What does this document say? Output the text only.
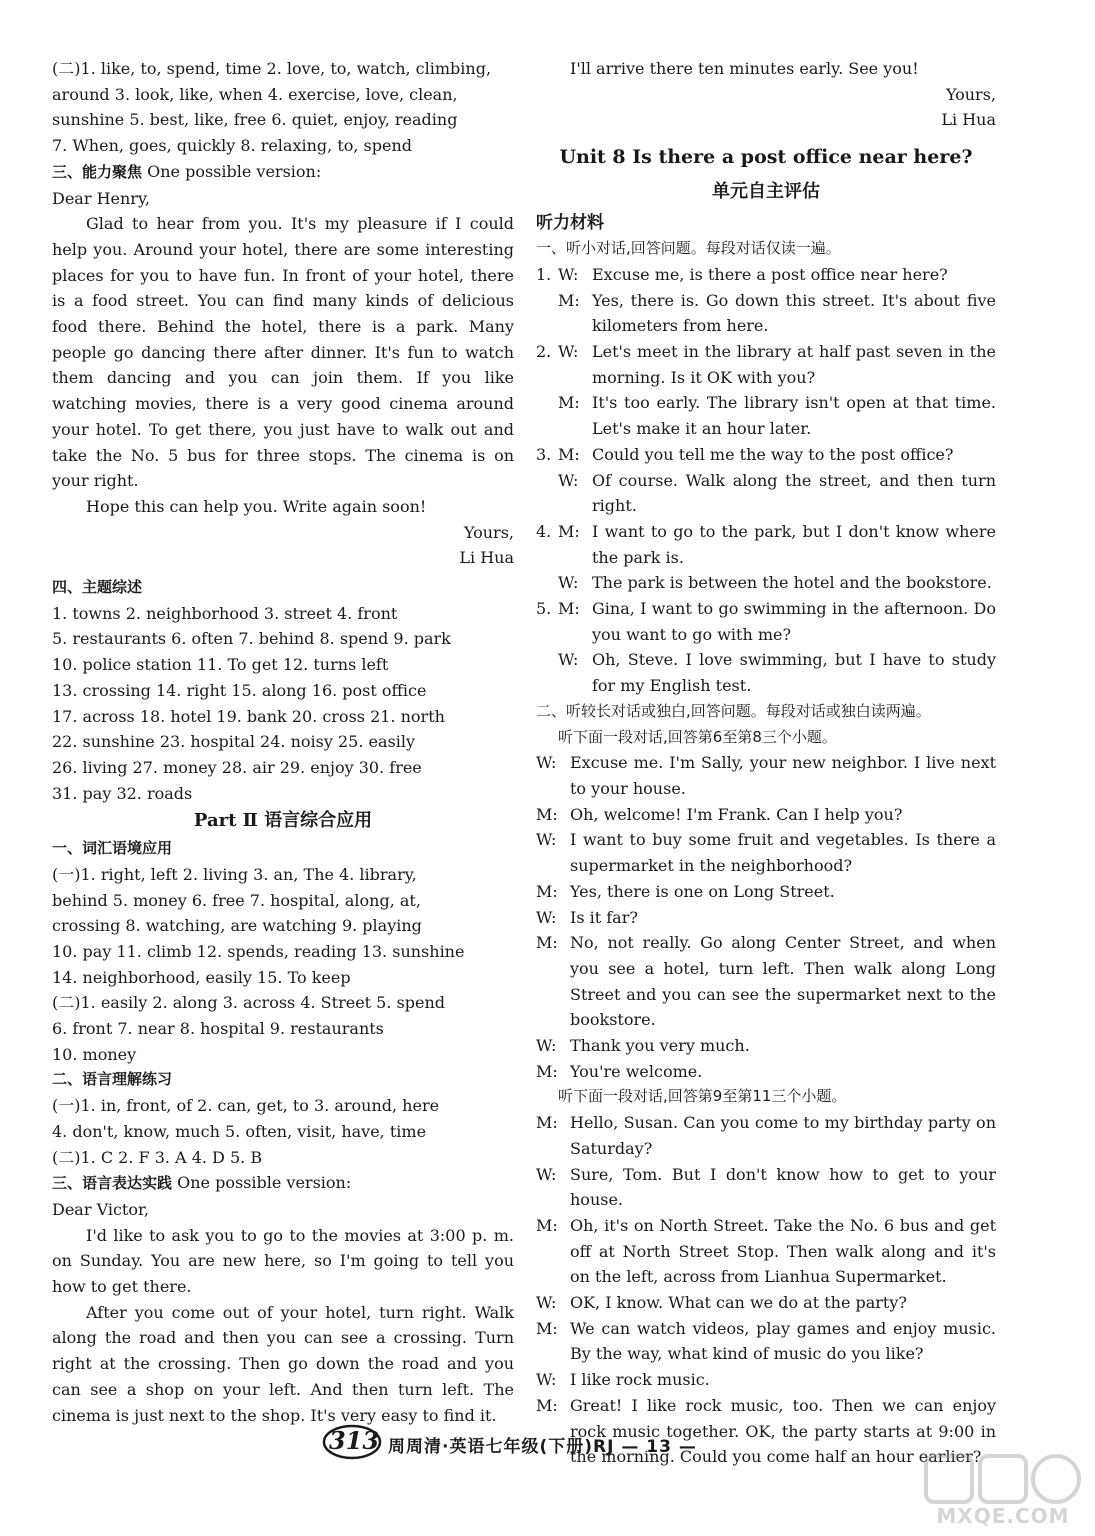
(二)1. like, to, spend, time 2. love, to, watch, climbing,
around 3. look, like, when 4. exercise, love, clean,
sunshine 5. best, like, free 6. quiet, enjoy, reading
7. When, goes, quickly 8. relaxing, to, spend
三、能力聚焦 One possible version:
Dear Henry,
Glad to hear from you. It's my pleasure if I could help you. Around your hotel, there are some interesting places for you to have fun. In front of your hotel, there is a food street. You can find many kinds of delicious food there. Behind the hotel, there is a park. Many people go dancing there after dinner. It's fun to watch them dancing and you can join them. If you like watching movies, there is a very good cinema around your hotel. To get there, you just have to walk out and take the No. 5 bus for three stops. The cinema is on your right.
Hope this can help you. Write again soon!
Yours,
Li Hua
四、主题综述
1. towns 2. neighborhood 3. street 4. front
5. restaurants 6. often 7. behind 8. spend 9. park
10. police station 11. To get 12. turns left
13. crossing 14. right 15. along 16. post office
17. across 18. hotel 19. bank 20. cross 21. north
22. sunshine 23. hospital 24. noisy 25. easily
26. living 27. money 28. air 29. enjoy 30. free
31. pay 32. roads
Part Ⅱ 语言综合应用
一、词汇语境应用
(一)1. right, left 2. living 3. an, The 4. library,
behind 5. money 6. free 7. hospital, along, at,
crossing 8. watching, are watching 9. playing
10. pay 11. climb 12. spends, reading 13. sunshine
14. neighborhood, easily 15. To keep
(二)1. easily 2. along 3. across 4. Street 5. spend
6. front 7. near 8. hospital 9. restaurants
10. money
二、语言理解练习
(一)1. in, front, of 2. can, get, to 3. around, here
4. don't, know, much 5. often, visit, have, time
(二)1. C 2. F 3. A 4. D 5. B
三、语言表达实践 One possible version:
Dear Victor,
I'd like to ask you to go to the movies at 3:00 p. m. on Sunday. You are new here, so I'm going to tell you how to get there.
After you come out of your hotel, turn right. Walk along the road and then you can see a crossing. Turn right at the crossing. Then go down the road and you can see a shop on your left. And then turn left. The cinema is just next to the shop. It's very easy to find it.
I'll arrive there ten minutes early. See you!
Yours,
Li Hua
Unit 8 Is there a post office near here?
单元自主评估
听力材料
一、听小对话,回答问题。每段对话仅读一遍。
1. W: Excuse me, is there a post office near here?
M: Yes, there is. Go down this street. It's about five kilometers from here.
2. W: Let's meet in the library at half past seven in the morning. Is it OK with you?
M: It's too early. The library isn't open at that time. Let's make it an hour later.
3. M: Could you tell me the way to the post office?
W: Of course. Walk along the street, and then turn right.
4. M: I want to go to the park, but I don't know where the park is.
W: The park is between the hotel and the bookstore.
5. M: Gina, I want to go swimming in the afternoon. Do you want to go with me?
W: Oh, Steve. I love swimming, but I have to study for my English test.
二、听较长对话或独白,回答问题。每段对话或独白读两遍。
听下面一段对话,回答第6至第8三个小题。
W: Excuse me. I'm Sally, your new neighbor. I live next to your house.
M: Oh, welcome! I'm Frank. Can I help you?
W: I want to buy some fruit and vegetables. Is there a supermarket in the neighborhood?
M: Yes, there is one on Long Street.
W: Is it far?
M: No, not really. Go along Center Street, and when you see a hotel, turn left. Then walk along Long Street and you can see the supermarket next to the bookstore.
W: Thank you very much.
M: You're welcome.
听下面一段对话,回答第9至第11三个小题。
M: Hello, Susan. Can you come to my birthday party on Saturday?
W: Sure, Tom. But I don't know how to get to your house.
M: Oh, it's on North Street. Take the No. 6 bus and get off at North Street Stop. Then walk along and it's on the left, across from Lianhua Supermarket.
W: OK, I know. What can we do at the party?
M: We can watch videos, play games and enjoy music. By the way, what kind of music do you like?
W: I like rock music.
M: Great! I like rock music, too. Then we can enjoy rock music together. OK, the party starts at 9:00 in the morning. Could you come half an hour earlier?
313 周周清·英语七年级(下册)RJ — 13 —
MXQE.COM
